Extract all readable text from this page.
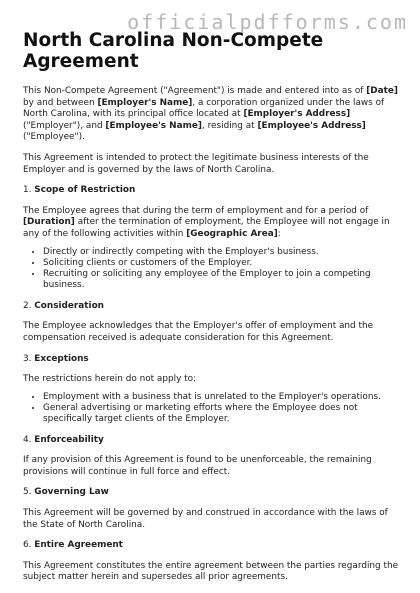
officialpdfforms.com
North Carolina Non-Compete Agreement

This Non-Compete Agreement ("Agreement") is made and entered into as of [Date] by and between [Employer's Name], a corporation organized under the laws of North Carolina, with its principal office located at [Employer's Address] ("Employer"), and [Employee's Name], residing at [Employee's Address] ("Employee").

This Agreement is intended to protect the legitimate business interests of the Employer and is governed by the laws of North Carolina.

1. Scope of Restriction

The Employee agrees that during the term of employment and for a period of [Duration] after the termination of employment, the Employee will not engage in any of the following activities within [Geographic Area]:

• Directly or indirectly competing with the Employer's business.
• Soliciting clients or customers of the Employer.
• Recruiting or soliciting any employee of the Employer to join a competing business.
2. Consideration

The Employee acknowledges that the Employer's offer of employment and the compensation received is adequate consideration for this Agreement.

3. Exceptions

The restrictions herein do not apply to:

• Employment with a business that is unrelated to the Employer's operations.
• General advertising or marketing efforts where the Employee does not specifically target clients of the Employer.
4. Enforceability

If any provision of this Agreement is found to be unenforceable, the remaining provisions will continue in full force and effect.

5. Governing Law

This Agreement will be governed by and construed in accordance with the laws of the State of North Carolina.

6. Entire Agreement

This Agreement constitutes the entire agreement between the parties regarding the subject matter herein and supersedes all prior agreements.
